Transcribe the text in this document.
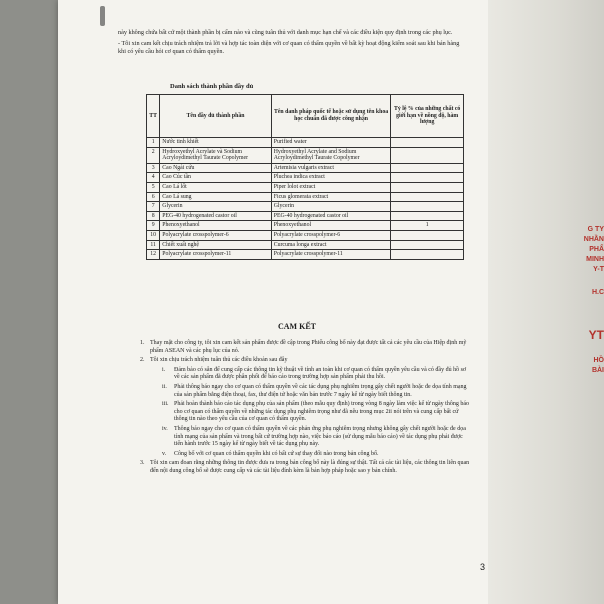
G TY
NHẦN
PHẨ
MINH
Y-T
H.C
YT
HỒ
BÀI

này không chứa bất cứ một thành phần bị cấm nào và cũng tuân thủ với danh mục hạn chế và các điều kiện quy định trong các phụ lục.

- Tôi xin cam kết chịu trách nhiệm trả lời và hợp tác toàn diện với cơ quan có thẩm quyền về bất kỳ hoạt động kiểm soát sau khi bán hàng khi có yêu cầu hỏi cơ quan có thẩm quyền.

Danh sách thành phần đầy đủ
TT	Tên đầy đủ thành phần	Tên danh pháp quốc tế hoặc sử dụng tên khoa học chuẩn đã được công nhận	Tỷ lệ % của những chất có giới hạn về nồng độ, hàm lượng
1	Nước tinh khiết	Purified water	
2	Hydroxyethyl Acrylate và Sodium Acryloydimethyl Taurate Copolymer	Hydroxyethyl Acrylate and Sodium Acryloydimethyl Taurate Copolymer	
3	Cao Ngải cứu	Artemisia vulgaris extract	
4	Cao Cúc tần	Pluchea indica extract	
5	Cao Lá lốt	Piper lolot extract	
6	Cao Lá sung	Ficus glomerata extract	
7	Glycerin	Glycerin	
8	PEG-40 hydrogenated castor oil	PEG-40 hydrogenated castor oil	
9	Phenoxyethanol	Phenoxyethanol	1
10	Polyacrylate crosspolymer-6	Polyacrylate crosspolymer-6	
11	Chiết xuất nghệ	Curcuma longa extract	
12	Polyacrylate crosspolymer-11	Polyacrylate crosspolymer-11	
CAM KẾT
1. Thay mặt cho công ty, tôi xin cam kết sản phẩm được đề cập trong Phiếu công bố này đạt được tất cả các yêu cầu của Hiệp định mỹ phẩm ASEAN và các phụ lục của nó.
2. Tôi xin chịu trách nhiệm tuân thủ các điều khoản sau đây
i.	Đảm bảo có sẵn để cung cấp các thông tin kỹ thuật về tính an toàn khi cơ quan có thẩm quyền yêu cầu và có đầy đủ hồ sơ về các sản phẩm đã được phân phối để báo cáo trong trường hợp sản phẩm phải thu hồi.
ii.	Phải thông báo ngay cho cơ quan có thẩm quyền về các tác dụng phụ nghiêm trọng gây chết người hoặc đe dọa tính mạng của sản phẩm bằng điện thoại, fax, thư điện tử hoặc văn bản trước 7 ngày kể từ ngày biết thông tin.
iii. Phải hoàn thành báo cáo tác dụng phụ của sản phẩm (theo mẫu quy định) trong vòng 8 ngày làm việc kể từ ngày thông báo cho cơ quan có thẩm quyền về những tác dụng phụ nghiêm trọng như đã nêu trong mục 2ii nói trên và cung cấp bất cứ thông tin nào theo yêu cầu của cơ quan có thẩm quyền.
iv.	Thông báo ngay cho cơ quan có thẩm quyền về các phản ứng phụ nghiêm trọng nhưng không gây chết người hoặc đe dọa tính mạng của sản phẩm và trong bất cứ trường hợp nào, việc báo cáo (sử dụng mẫu báo cáo) về tác dụng phụ phải được tiến hành trước 15 ngày kể từ ngày biết về tác dụng phụ này.
v.	Công bố với cơ quan có thẩm quyền khi có bất cứ sự thay đổi nào trong bản công bố.
3. Tôi xin cam đoan rằng những thông tin được đưa ra trong bản công bố này là đúng sự thật. Tất cả các tài liệu, các thông tin liên quan đến nội dung công bố sẽ được cung cấp và các tài liệu đính kèm là bản hợp pháp hoặc sao y bản chính.
3
